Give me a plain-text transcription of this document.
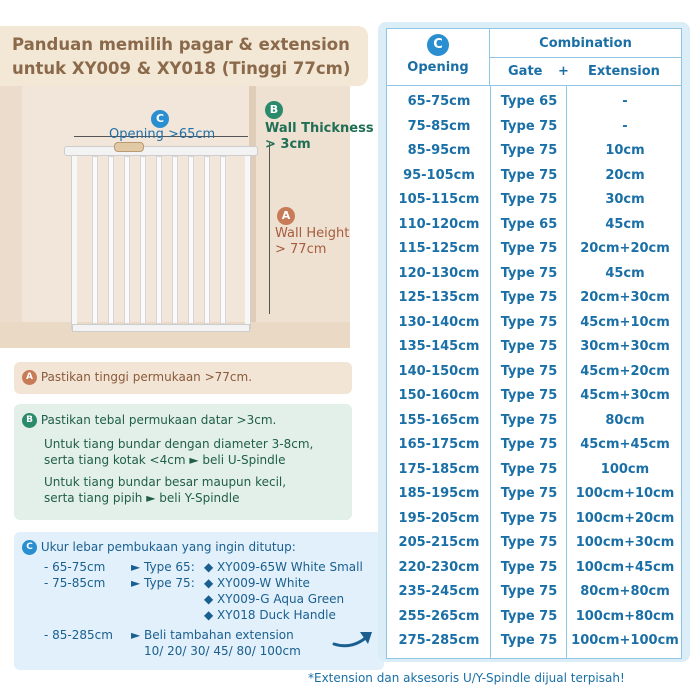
Panduan memilih pagar & extension
untuk XY009 & XY018 (Tinggi 77cm)
C
Opening >65cm
B
Wall Thickness
> 3cm
A
Wall Height
> 77cm
A Pastikan tinggi permukaan >77cm.
B Pastikan tebal permukaan datar >3cm.
Untuk tiang bundar dengan diameter 3-8cm,
serta tiang kotak <4cm ► beli U-Spindle
Untuk tiang bundar besar maupun kecil,
serta tiang pipih ► beli Y-Spindle
C Ukur lebar pembukaan yang ingin ditutup:
- 65-75cm ► Type 65: ◆ XY009-65W White Small
- 75-85cm ► Type 75: ◆ XY009-W White
◆ XY009-G Aqua Green
◆ XY018 Duck Handle
- 85-285cm ► Beli tambahan extension
10/ 20/ 30/ 45/ 80/ 100cm
C
Opening
Combination
Gate + Extension
65-75cm	Type 65	-
75-85cm	Type 75	-
85-95cm	Type 75	10cm
95-105cm	Type 75	20cm
105-115cm	Type 75	30cm
110-120cm	Type 65	45cm
115-125cm	Type 75	20cm+20cm
120-130cm	Type 75	45cm
125-135cm	Type 75	20cm+30cm
130-140cm	Type 75	45cm+10cm
135-145cm	Type 75	30cm+30cm
140-150cm	Type 75	45cm+20cm
150-160cm	Type 75	45cm+30cm
155-165cm	Type 75	80cm
165-175cm	Type 75	45cm+45cm
175-185cm	Type 75	100cm
185-195cm	Type 75	100cm+10cm
195-205cm	Type 75	100cm+20cm
205-215cm	Type 75	100cm+30cm
220-230cm	Type 75	100cm+45cm
235-245cm	Type 75	80cm+80cm
255-265cm	Type 75	100cm+80cm
275-285cm	Type 75	100cm+100cm
*Extension dan aksesoris U/Y-Spindle dijual terpisah!
